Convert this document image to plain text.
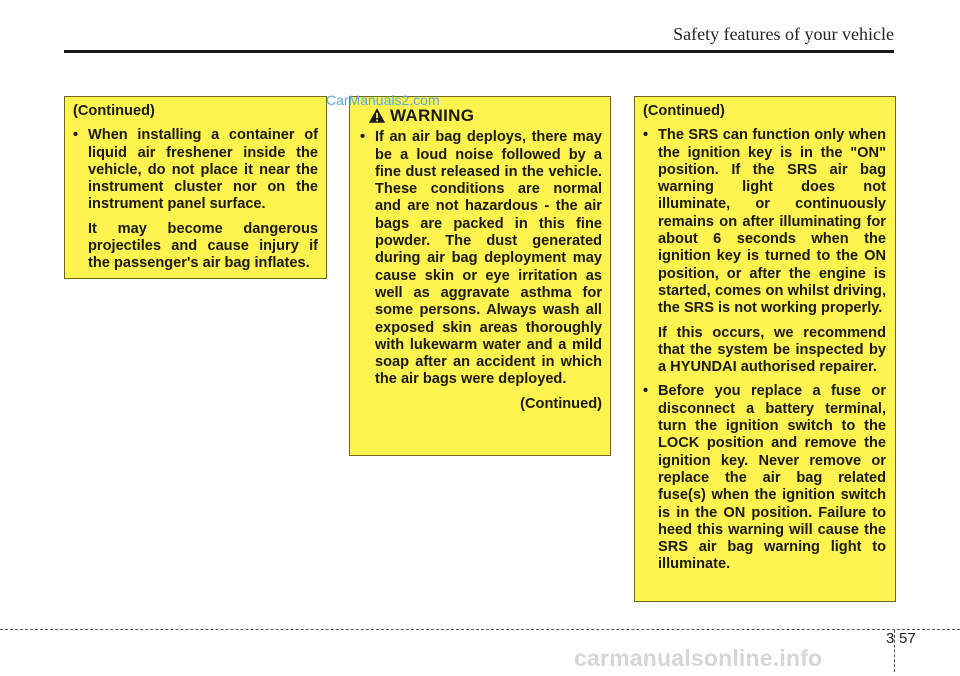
Safety features of your vehicle
(Continued)
• When installing a container of liquid air freshener inside the vehicle, do not place it near the instrument cluster nor on the instrument panel surface.
It may become dangerous projectiles and cause injury if the passenger's air bag inflates.
WARNING
• If an air bag deploys, there may be a loud noise followed by a fine dust released in the vehicle. These conditions are normal and are not hazardous - the air bags are packed in this fine powder. The dust generated during air bag deployment may cause skin or eye irritation as well as aggravate asthma for some persons. Always wash all exposed skin areas thoroughly with lukewarm water and a mild soap after an accident in which the air bags were deployed.
(Continued)
(Continued)
• The SRS can function only when the ignition key is in the "ON" position. If the SRS air bag warning light does not illuminate, or continuously remains on after illuminating for about 6 seconds when the ignition key is turned to the ON position, or after the engine is started, comes on whilst driving, the SRS is not working properly.
If this occurs, we recommend that the system be inspected by a HYUNDAI authorised repairer.
• Before you replace a fuse or disconnect a battery terminal, turn the ignition switch to the LOCK position and remove the ignition key. Never remove or replace the air bag related fuse(s) when the ignition switch is in the ON position. Failure to heed this warning will cause the SRS air bag warning light to illuminate.
3 57
CarManuals2.com
carmanualsonline.info
